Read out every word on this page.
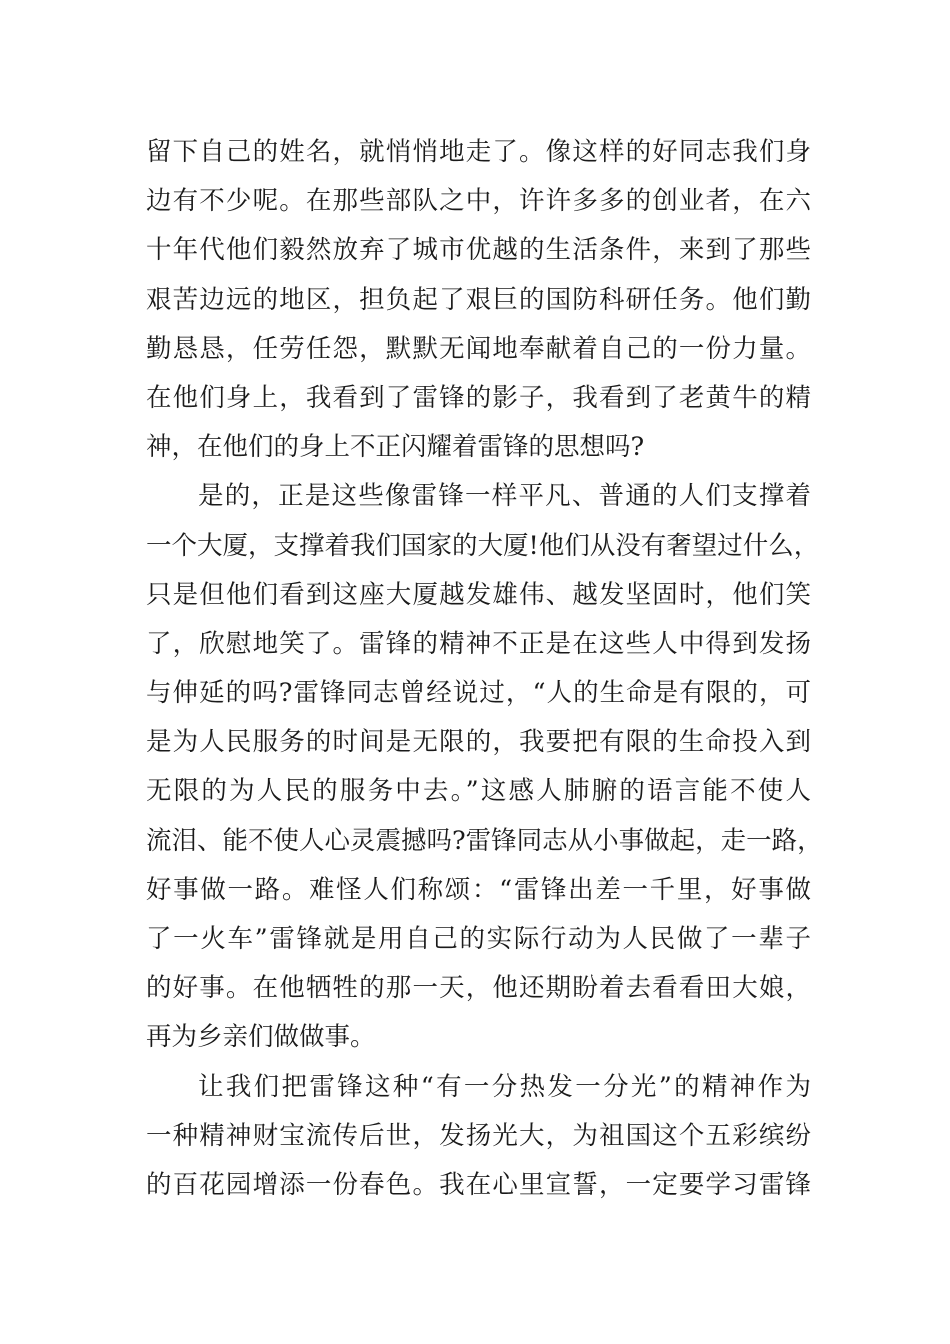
留下自己的姓名，就悄悄地走了。像这样的好同志我们身
边有不少呢。在那些部队之中，许许多多的创业者，在六
十年代他们毅然放弃了城市优越的生活条件，来到了那些
艰苦边远的地区，担负起了艰巨的国防科研任务。他们勤
勤恳恳，任劳任怨，默默无闻地奉献着自己的一份力量。
在他们身上，我看到了雷锋的影子，我看到了老黄牛的精
神，在他们的身上不正闪耀着雷锋的思想吗?
是的，正是这些像雷锋一样平凡、普通的人们支撑着
一个大厦，支撑着我们国家的大厦!他们从没有奢望过什么，
只是但他们看到这座大厦越发雄伟、越发坚固时，他们笑
了，欣慰地笑了。雷锋的精神不正是在这些人中得到发扬
与伸延的吗?雷锋同志曾经说过，“人的生命是有限的，可
是为人民服务的时间是无限的，我要把有限的生命投入到
无限的为人民的服务中去。”这感人肺腑的语言能不使人
流泪、能不使人心灵震撼吗?雷锋同志从小事做起，走一路，
好事做一路。难怪人们称颂：“雷锋出差一千里，好事做
了一火车”雷锋就是用自己的实际行动为人民做了一辈子
的好事。在他牺牲的那一天，他还期盼着去看看田大娘，
再为乡亲们做做事。
让我们把雷锋这种“有一分热发一分光”的精神作为
一种精神财宝流传后世，发扬光大，为祖国这个五彩缤纷
的百花园增添一份春色。我在心里宣誓，一定要学习雷锋
